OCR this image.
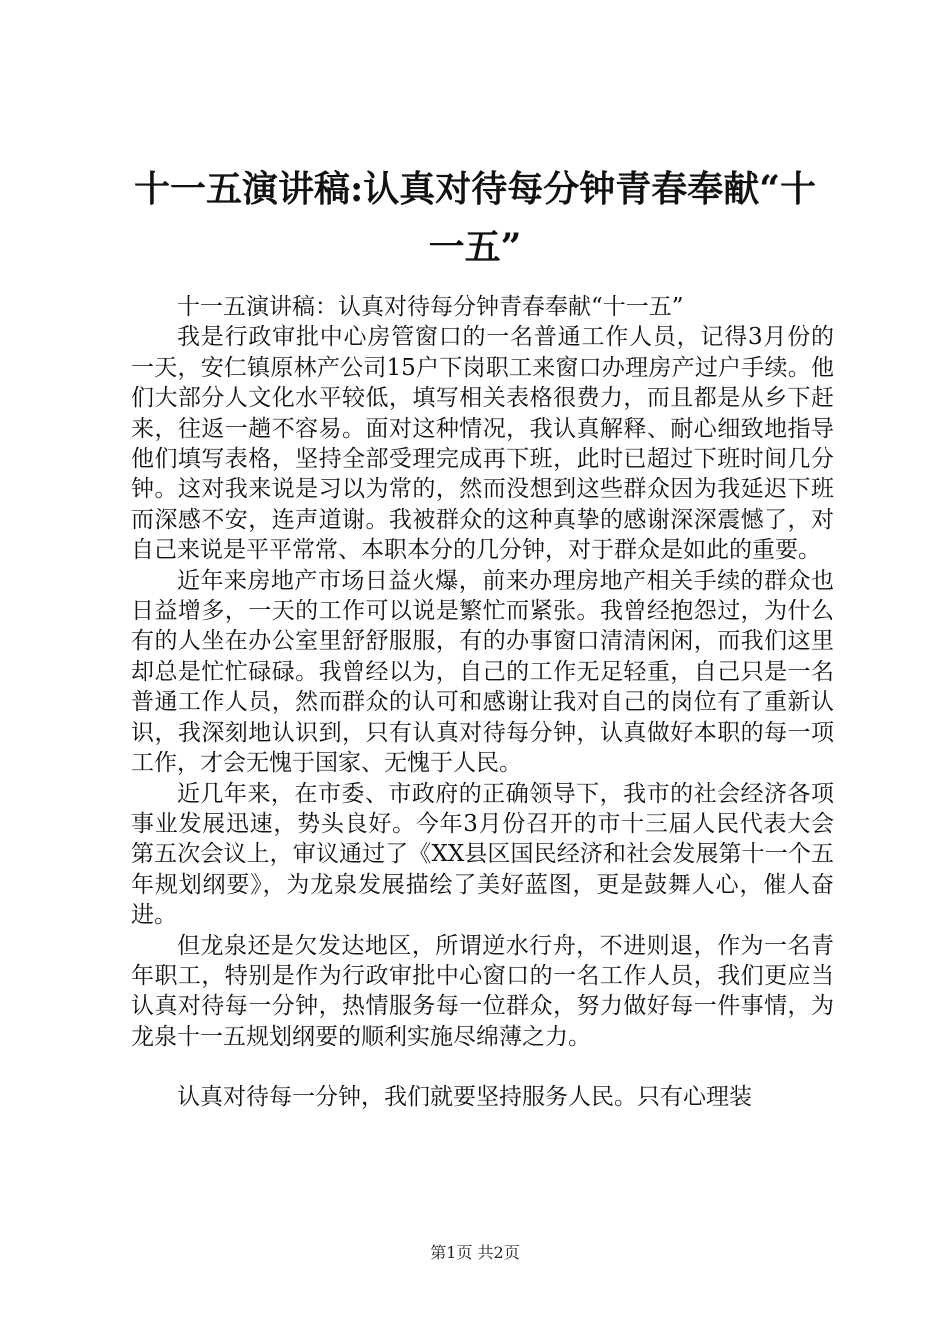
十一五演讲稿:认真对待每分钟青春奉献“十一五”

十一五演讲稿：认真对待每分钟青春奉献“十一五”

我是行政审批中心房管窗口的一名普通工作人员，记得3月份的一天，安仁镇原林产公司15户下岗职工来窗口办理房产过户手续。他们大部分人文化水平较低，填写相关表格很费力，而且都是从乡下赶来，往返一趟不容易。面对这种情况，我认真解释、耐心细致地指导他们填写表格，坚持全部受理完成再下班，此时已超过下班时间几分钟。这对我来说是习以为常的，然而没想到这些群众因为我延迟下班而深感不安，连声道谢。我被群众的这种真挚的感谢深深震憾了，对自己来说是平平常常、本职本分的几分钟，对于群众是如此的重要。

近年来房地产市场日益火爆，前来办理房地产相关手续的群众也日益增多，一天的工作可以说是繁忙而紧张。我曾经抱怨过，为什么有的人坐在办公室里舒舒服服，有的办事窗口清清闲闲，而我们这里却总是忙忙碌碌。我曾经以为，自己的工作无足轻重，自己只是一名普通工作人员，然而群众的认可和感谢让我对自己的岗位有了重新认识，我深刻地认识到，只有认真对待每分钟，认真做好本职的每一项工作，才会无愧于国家、无愧于人民。

近几年来，在市委、市政府的正确领导下，我市的社会经济各项事业发展迅速，势头良好。今年3月份召开的市十三届人民代表大会第五次会议上，审议通过了《XX县区国民经济和社会发展第十一个五年规划纲要》，为龙泉发展描绘了美好蓝图，更是鼓舞人心，催人奋进。

但龙泉还是欠发达地区，所谓逆水行舟，不进则退，作为一名青年职工，特别是作为行政审批中心窗口的一名工作人员，我们更应当认真对待每一分钟，热情服务每一位群众，努力做好每一件事情，为龙泉十一五规划纲要的顺利实施尽绵薄之力。

认真对待每一分钟，我们就要坚持服务人民。只有心理装

第1页 共2页
